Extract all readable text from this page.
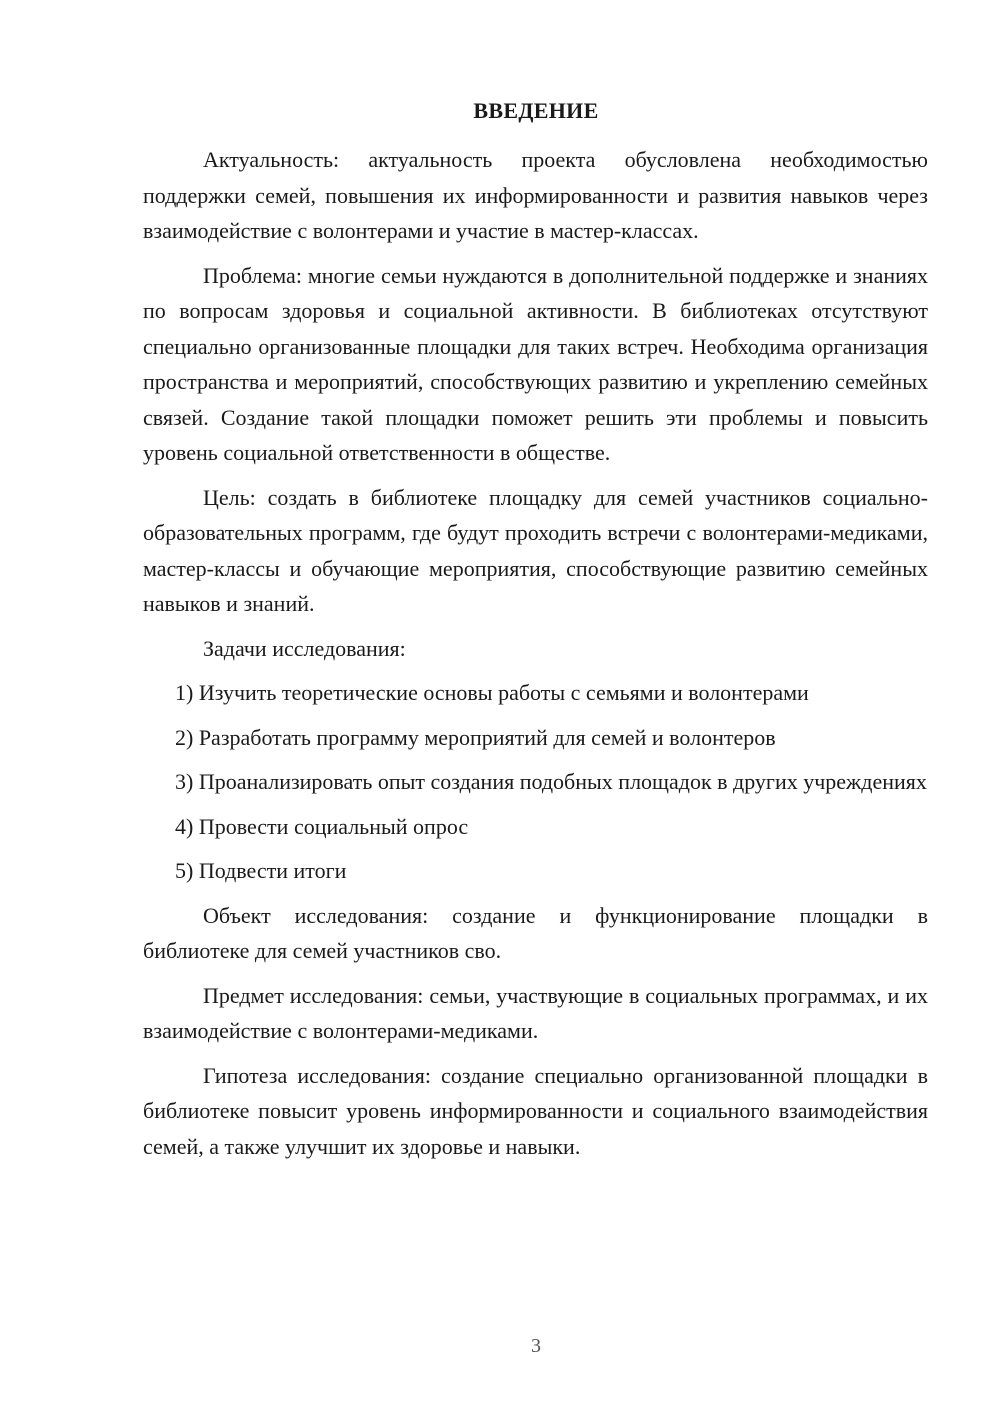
ВВЕДЕНИЕ

Актуальность: актуальность проекта обусловлена необходимостью поддержки семей, повышения их информированности и развития навыков через взаимодействие с волонтерами и участие в мастер-классах.

Проблема: многие семьи нуждаются в дополнительной поддержке и знаниях по вопросам здоровья и социальной активности. В библиотеках отсутствуют специально организованные площадки для таких встреч. Необходима организация пространства и мероприятий, способствующих развитию и укреплению семейных связей. Создание такой площадки поможет решить эти проблемы и повысить уровень социальной ответственности в обществе.

Цель: создать в библиотеке площадку для семей участников социально-образовательных программ, где будут проходить встречи с волонтерами-медиками, мастер-классы и обучающие мероприятия, способствующие развитию семейных навыков и знаний.

Задачи исследования:

1) Изучить теоретические основы работы с семьями и волонтерами

2) Разработать программу мероприятий для семей и волонтеров

3) Проанализировать опыт создания подобных площадок в других учреждениях

4) Провести социальный опрос

5) Подвести итоги

Объект исследования: создание и функционирование площадки в библиотеке для семей участников сво.

Предмет исследования: семьи, участвующие в социальных программах, и их взаимодействие с волонтерами-медиками.

Гипотеза исследования: создание специально организованной площадки в библиотеке повысит уровень информированности и социального взаимодействия семей, а также улучшит их здоровье и навыки.

3
